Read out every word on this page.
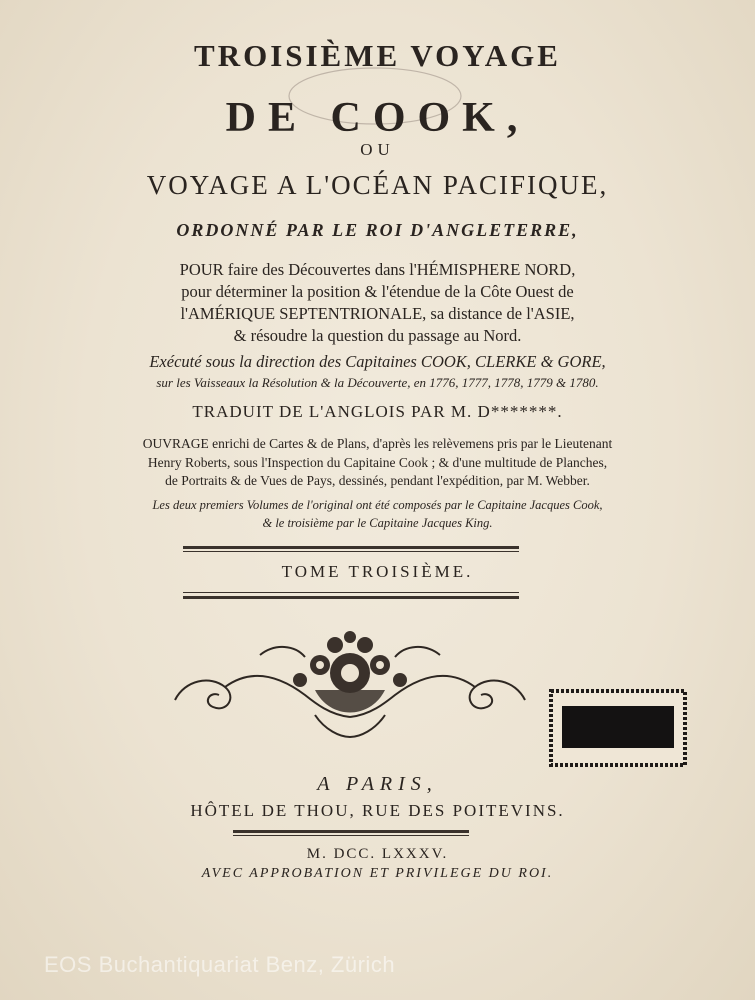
TROISIÈME VOYAGE
DE COOK,
OU
VOYAGE A L'OCÉAN PACIFIQUE,
ORDONNÉ PAR LE ROI D'ANGLETERRE,
POUR faire des Découvertes dans l'HÉMISPHERE NORD,
pour déterminer la position & l'étendue de la Côte Ouest de
l'AMÉRIQUE SEPTENTRIONALE, sa distance de l'ASIE,
& résoudre la question du passage au Nord.
Exécuté sous la direction des Capitaines COOK, CLERKE & GORE,
sur les Vaisseaux la Résolution & la Découverte, en 1776, 1777, 1778, 1779 & 1780.
TRADUIT DE L'ANGLOIS PAR M. D*******.
OUVRAGE enrichi de Cartes & de Plans, d'après les relèvemens pris par le Lieutenant
Henry Roberts, sous l'Inspection du Capitaine Cook ; & d'une multitude de Planches,
de Portraits & de Vues de Pays, dessinés, pendant l'expédition, par M. Webber.
Les deux premiers Volumes de l'original ont été composés par le Capitaine Jacques Cook,
& le troisième par le Capitaine Jacques King.
TOME TROISIÈME.
A PARIS,
HÔTEL DE THOU, RUE DES POITEVINS.
M. DCC. LXXXV.
AVEC APPROBATION ET PRIVILEGE DU ROI.
EOS Buchantiquariat Benz, Zürich
